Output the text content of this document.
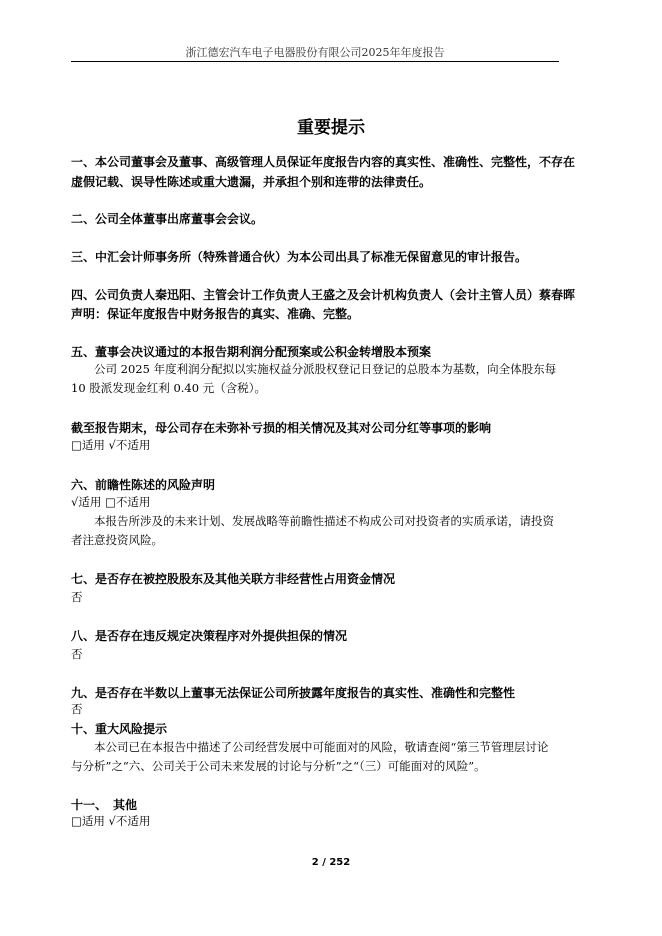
浙江德宏汽车电子电器股份有限公司2025年年度报告
重要提示
一、本公司董事会及董事、高级管理人员保证年度报告内容的真实性、准确性、完整性，不存在
虚假记载、误导性陈述或重大遗漏，并承担个别和连带的法律责任。
二、公司全体董事出席董事会会议。
三、中汇会计师事务所（特殊普通合伙）为本公司出具了标准无保留意见的审计报告。
四、公司负责人秦迅阳、主管会计工作负责人王盛之及会计机构负责人（会计主管人员）蔡春晖
声明：保证年度报告中财务报告的真实、准确、完整。
五、董事会决议通过的本报告期利润分配预案或公积金转增股本预案
公司 2025 年度利润分配拟以实施权益分派股权登记日登记的总股本为基数，向全体股东每
10 股派发现金红利 0.40 元（含税）。
截至报告期末，母公司存在未弥补亏损的相关情况及其对公司分红等事项的影响
□适用 √不适用
六、前瞻性陈述的风险声明
√适用 □不适用
本报告所涉及的未来计划、发展战略等前瞻性描述不构成公司对投资者的实质承诺，请投资
者注意投资风险。
七、是否存在被控股股东及其他关联方非经营性占用资金情况
否
八、是否存在违反规定决策程序对外提供担保的情况
否
九、是否存在半数以上董事无法保证公司所披露年度报告的真实性、准确性和完整性
否
十、重大风险提示
本公司已在本报告中描述了公司经营发展中可能面对的风险，敬请查阅“第三节管理层讨论
与分析”之“六、公司关于公司未来发展的讨论与分析”之“（三）可能面对的风险”。
十一、　其他
□适用 √不适用
2 / 252
